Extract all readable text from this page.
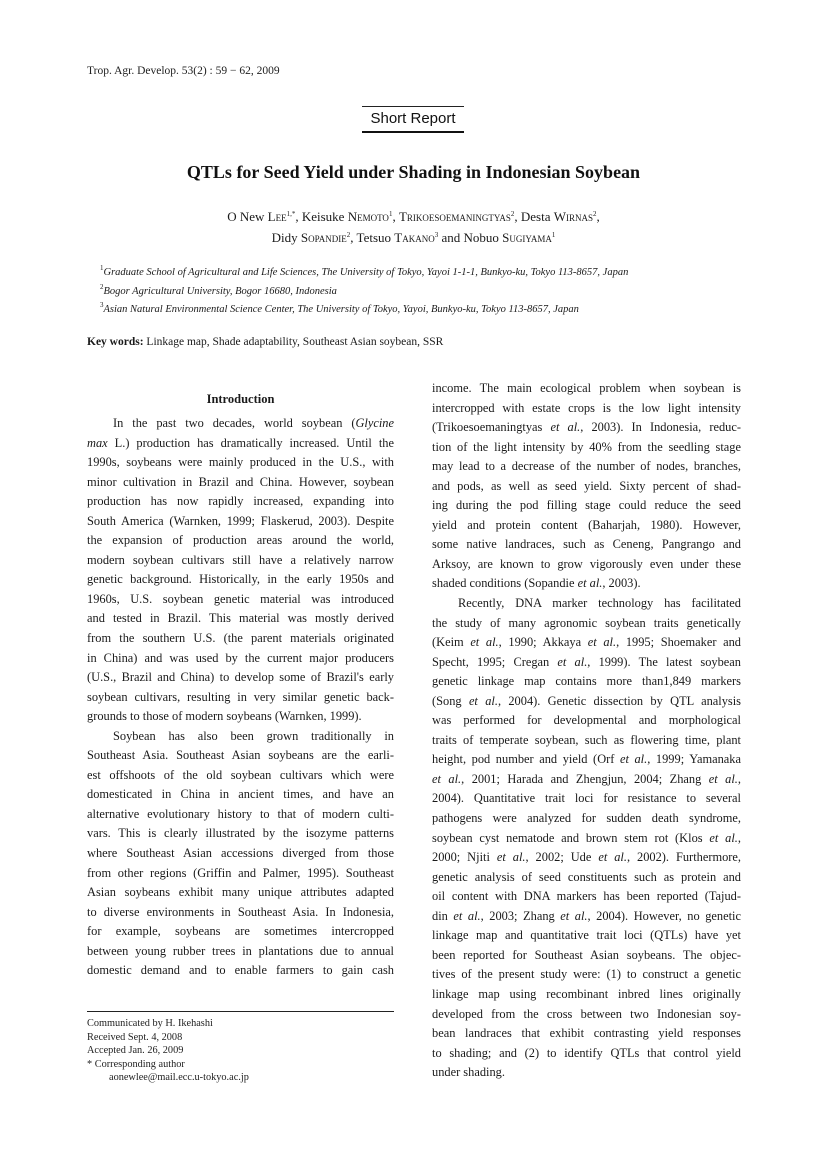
Trop. Agr. Develop. 53(2) : 59 − 62, 2009
Short Report
QTLs for Seed Yield under Shading in Indonesian Soybean
O New Lee$^{1,*}$, Keisuke Nemoto$^1$, Trikoesoemaningtyas$^2$, Desta Wirnas$^2$,
Didy Sopandie$^2$, Tetsuo Takano$^3$ and Nobuo Sugiyama$^1$
$^1$Graduate School of Agricultural and Life Sciences, The University of Tokyo, Yayoi 1-1-1, Bunkyo-ku, Tokyo 113-8657, Japan
$^2$Bogor Agricultural University, Bogor 16680, Indonesia
$^3$Asian Natural Environmental Science Center, The University of Tokyo, Yayoi, Bunkyo-ku, Tokyo 113-8657, Japan
Key words: Linkage map, Shade adaptability, Southeast Asian soybean, SSR
Introduction
In the past two decades, world soybean (Glycine
max L.) production has dramatically increased. Until the
1990s, soybeans were mainly produced in the U.S., with
minor cultivation in Brazil and China. However, soybean
production has now rapidly increased, expanding into
South America (Warnken, 1999; Flaskerud, 2003). Despite
the expansion of production areas around the world,
modern soybean cultivars still have a relatively narrow
genetic background. Historically, in the early 1950s and
1960s, U.S. soybean genetic material was introduced
and tested in Brazil. This material was mostly derived
from the southern U.S. (the parent materials originated
in China) and was used by the current major producers
(U.S., Brazil and China) to develop some of Brazil's early
soybean cultivars, resulting in very similar genetic back-
grounds to those of modern soybeans (Warnken, 1999).
Soybean has also been grown traditionally in
Southeast Asia. Southeast Asian soybeans are the earli-
est offshoots of the old soybean cultivars which were
domesticated in China in ancient times, and have an
alternative evolutionary history to that of modern culti-
vars. This is clearly illustrated by the isozyme patterns
where Southeast Asian accessions diverged from those
from other regions (Griffin and Palmer, 1995). Southeast
Asian soybeans exhibit many unique attributes adapted
to diverse environments in Southeast Asia. In Indonesia,
for example, soybeans are sometimes intercropped
between young rubber trees in plantations due to annual
domestic demand and to enable farmers to gain cash
income. The main ecological problem when soybean is
intercropped with estate crops is the low light intensity
(Trikoesoemaningtyas et al., 2003). In Indonesia, reduc-
tion of the light intensity by 40% from the seedling stage
may lead to a decrease of the number of nodes, branches,
and pods, as well as seed yield. Sixty percent of shad-
ing during the pod filling stage could reduce the seed
yield and protein content (Baharjah, 1980). However,
some native landraces, such as Ceneng, Pangrango and
Arksoy, are known to grow vigorously even under these
shaded conditions (Sopandie et al., 2003).
Recently, DNA marker technology has facilitated
the study of many agronomic soybean traits genetically
(Keim et al., 1990; Akkaya et al., 1995; Shoemaker and
Specht, 1995; Cregan et al., 1999). The latest soybean
genetic linkage map contains more than1,849 markers
(Song et al., 2004). Genetic dissection by QTL analysis
was performed for developmental and morphological
traits of temperate soybean, such as flowering time, plant
height, pod number and yield (Orf et al., 1999; Yamanaka
et al., 2001; Harada and Zhengjun, 2004; Zhang et al.,
2004). Quantitative trait loci for resistance to several
pathogens were analyzed for sudden death syndrome,
soybean cyst nematode and brown stem rot (Klos et al.,
2000; Njiti et al., 2002; Ude et al., 2002). Furthermore,
genetic analysis of seed constituents such as protein and
oil content with DNA markers has been reported (Tajud-
din et al., 2003; Zhang et al., 2004). However, no genetic
linkage map and quantitative trait loci (QTLs) have yet
been reported for Southeast Asian soybeans. The objec-
tives of the present study were: (1) to construct a genetic
linkage map using recombinant inbred lines originally
developed from the cross between two Indonesian soy-
bean landraces that exhibit contrasting yield responses
to shading; and (2) to identify QTLs that control yield
under shading.
Communicated by H. Ikehashi
Received Sept. 4, 2008
Accepted Jan. 26, 2009
* Corresponding author
aonewlee@mail.ecc.u-tokyo.ac.jp
